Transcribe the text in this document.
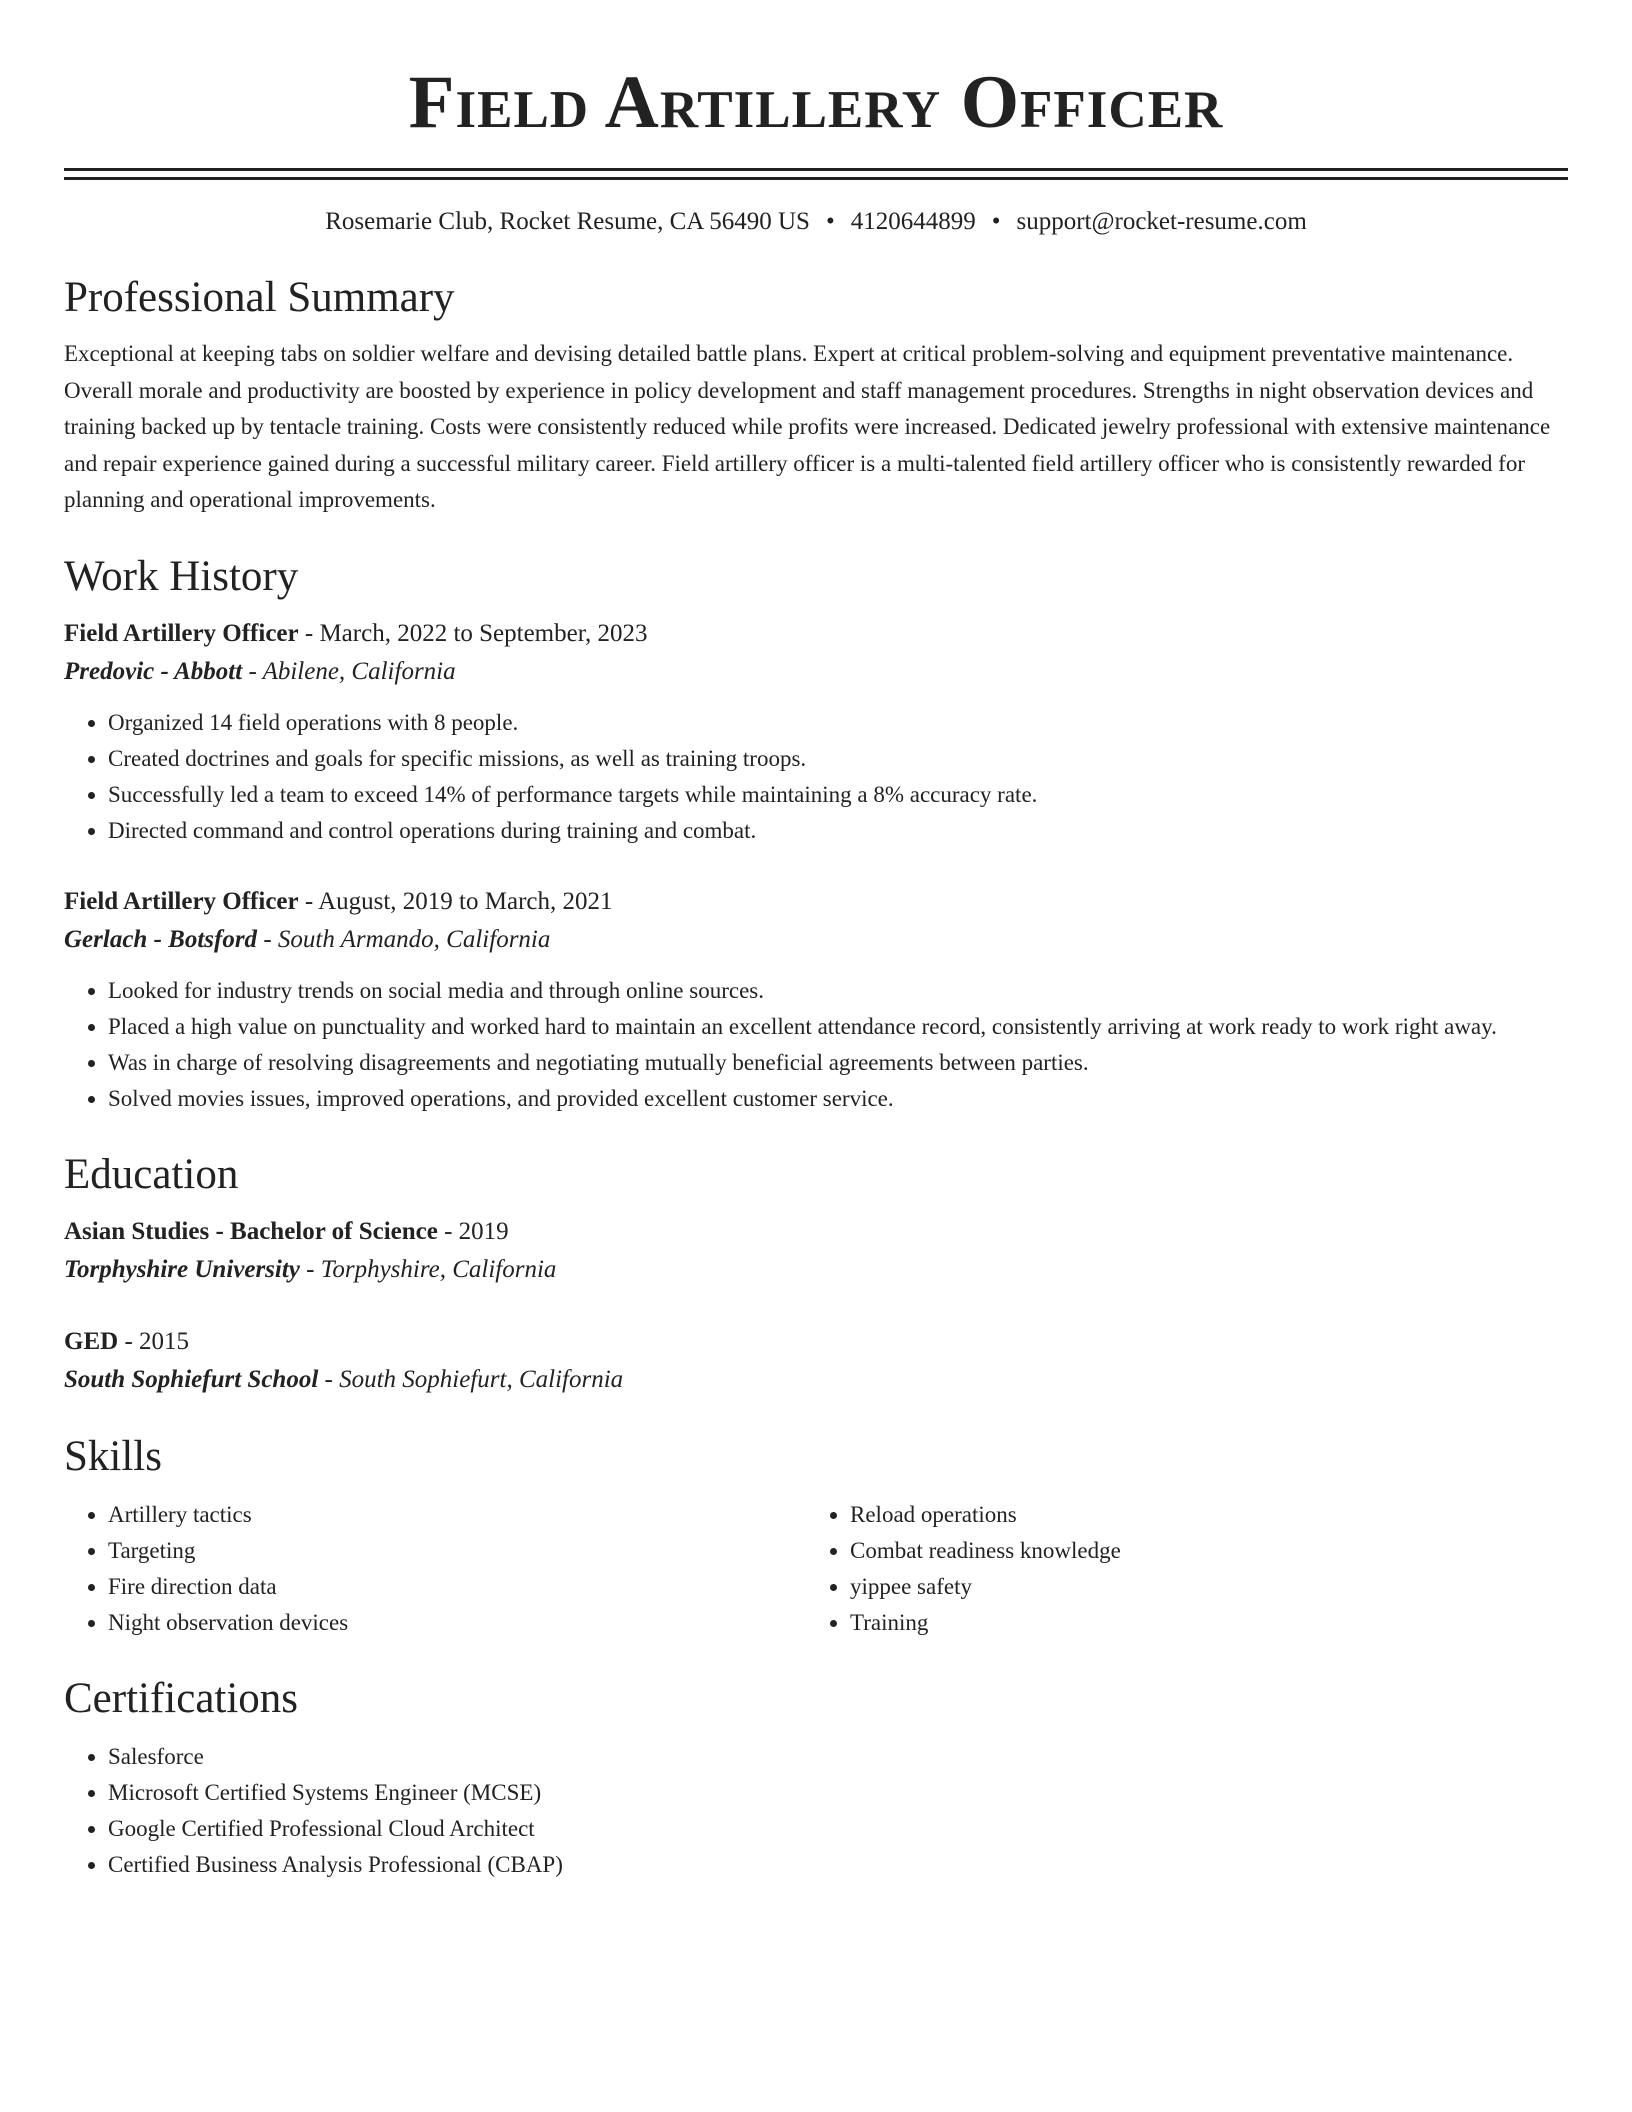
Field Artillery Officer
Rosemarie Club, Rocket Resume, CA 56490 US • 4120644899 • support@rocket-resume.com
Professional Summary

Exceptional at keeping tabs on soldier welfare and devising detailed battle plans. Expert at critical problem-solving and equipment preventative maintenance. Overall morale and productivity are boosted by experience in policy development and staff management procedures. Strengths in night observation devices and training backed up by tentacle training. Costs were consistently reduced while profits were increased. Dedicated jewelry professional with extensive maintenance and repair experience gained during a successful military career. Field artillery officer is a multi-talented field artillery officer who is consistently rewarded for planning and operational improvements.

Work History

Field Artillery Officer - March, 2022 to September, 2023

Predovic - Abbott - Abilene, California

• Organized 14 field operations with 8 people.
• Created doctrines and goals for specific missions, as well as training troops.
• Successfully led a team to exceed 14% of performance targets while maintaining a 8% accuracy rate.
• Directed command and control operations during training and combat.

Field Artillery Officer - August, 2019 to March, 2021

Gerlach - Botsford - South Armando, California

• Looked for industry trends on social media and through online sources.
• Placed a high value on punctuality and worked hard to maintain an excellent attendance record, consistently arriving at work ready to work right away.
• Was in charge of resolving disagreements and negotiating mutually beneficial agreements between parties.
• Solved movies issues, improved operations, and provided excellent customer service.
Education

Asian Studies - Bachelor of Science - 2019

Torphyshire University - Torphyshire, California

GED - 2015

South Sophiefurt School - South Sophiefurt, California

Skills
• Artillery tactics
• Targeting
• Fire direction data
• Night observation devices
• Reload operations
• Combat readiness knowledge
• yippee safety
• Training
Certifications
• Salesforce
• Microsoft Certified Systems Engineer (MCSE)
• Google Certified Professional Cloud Architect
• Certified Business Analysis Professional (CBAP)
